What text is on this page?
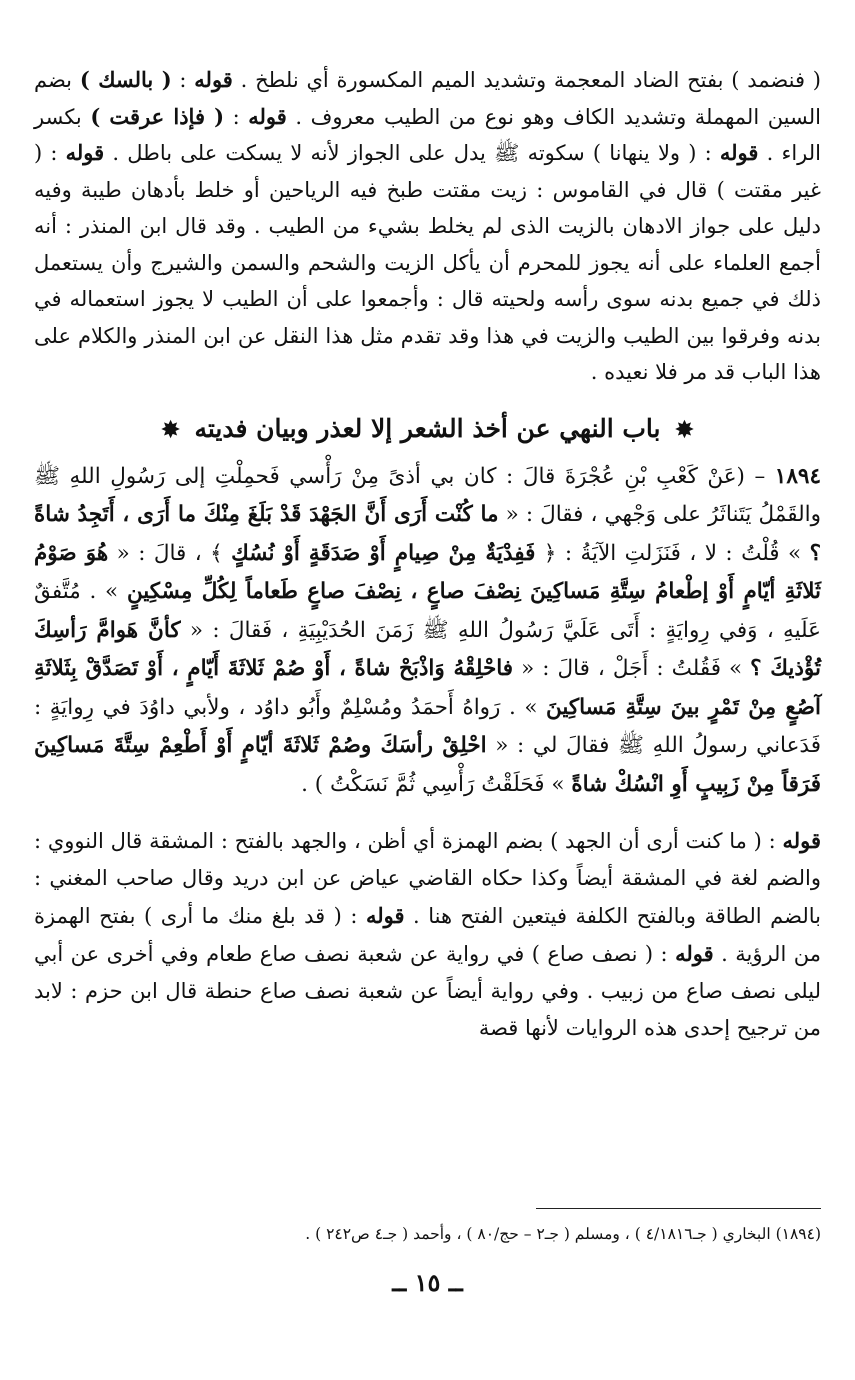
( فنضمد ) بفتح الضاد المعجمة وتشديد الميم المكسورة أي نلطخ . قوله : ( بالسك ) بضم السين المهملة وتشديد الكاف وهو نوع من الطيب معروف . قوله : ( فإذا عرقت ) بكسر الراء . قوله : ( ولا ينهانا ) سكوته ﷺ يدل على الجواز لأنه لا يسكت على باطل . قوله : ( غير مقتت ) قال في القاموس : زيت مقتت طبخ فيه الرياحين أو خلط بأدهان طيبة وفيه دليل على جواز الادهان بالزيت الذى لم يخلط بشيء من الطيب . وقد قال ابن المنذر : أنه أجمع العلماء على أنه يجوز للمحرم أن يأكل الزيت والشحم والسمن والشيرج وأن يستعمل ذلك في جميع بدنه سوى رأسه ولحيته قال : وأجمعوا على أن الطيب لا يجوز استعماله في بدنه وفرقوا بين الطيب والزيت في هذا وقد تقدم مثل هذا النقل عن ابن المنذر والكلام على هذا الباب قد مر فلا نعيده .

✸ باب النهي عن أخذ الشعر إلا لعذر وبيان فديته ✸

١٨٩٤ – (عَنْ كَعْبِ بْنِ عُجْرَةَ قالَ : كان بي أذىً مِنْ رَأْسي فَحمِلْتِ إلى رَسُولِ اللهِ ﷺ والقَمْلُ يَتَناثَرُ على وَجْهي ، فقالَ : « ما كُنْت أَرَى أَنَّ الجَهْدَ قَدْ بَلَغَ مِنْكَ ما أَرَى ، أَتَجِدُ شاةً ؟ » قُلْتُ : لا ، فَنَزَلتِ الآيَةُ : ﴿ فَفِدْيَةٌ مِنْ صِيامٍ أَوْ صَدَقَةٍ أَوْ نُسُكٍ ﴾ ، قالَ : « هُوَ صَوْمُ ثَلاثَةِ أيّامٍ أَوْ إطْعامُ سِتَّةِ مَساكِينَ نِصْفَ صاعٍ ، نِصْفَ صاعٍ طَعاماً لِكُلِّ مِسْكِينٍ » . مُتَّفقٌ عَلَيهِ ، وَفي رِوايَةٍ : أَتَى عَلَيَّ رَسُولُ اللهِ ﷺ زَمَنَ الحُدَيْبِيَةِ ، فَقالَ : « كأنَّ هَوامَّ رَأسِكَ تُؤْذيكَ ؟ » فَقُلتُ : أَجَلْ ، قالَ : « فاحْلِقْهُ وَاذْبَحْ شاةً ، أَوْ صُمْ ثَلاثَةَ أَيّامٍ ، أَوْ تَصَدَّقْ بِثَلاثَةِ آصُعٍ مِنْ تَمْرٍ بينَ سِتَّةِ مَساكِينَ » . رَواهُ أَحمَدُ ومُسْلِمٌ وأَبُو داوُد ، ولأبي داوُدَ في رِوايَةٍ : فَدَعاني رسولُ اللهِ ﷺ فقالَ لي : « احْلِقْ رأسَكَ وصُمْ ثَلاثَةَ أيّامٍ أَوْ أَطْعِمْ سِتَّةَ مَساكِينَ فَرَقاً مِنْ زَبِيبٍ أَوِ انْسُكْ شاةً » فَحَلَقْتُ رَأْسِي ثُمَّ نَسَكْتُ ) .

قوله : ( ما كنت أرى أن الجهد ) بضم الهمزة أي أظن ، والجهد بالفتح : المشقة قال النووي : والضم لغة في المشقة أيضاً وكذا حكاه القاضي عياض عن ابن دريد وقال صاحب المغني : بالضم الطاقة وبالفتح الكلفة فيتعين الفتح هنا . قوله : ( قد بلغ منك ما أرى ) بفتح الهمزة من الرؤية . قوله : ( نصف صاع ) في رواية عن شعبة نصف صاع طعام وفي أخرى عن أبي ليلى نصف صاع من زبيب . وفي رواية أيضاً عن شعبة نصف صاع حنطة قال ابن حزم : لابد من ترجيح إحدى هذه الروايات لأنها قصة

(١٨٩٤) البخاري ( جـ٤/١٨١٦ ) ، ومسلم ( جـ٢ – حج/٨٠ ) ، وأحمد ( جـ٤ ص٢٤٢ ) .
ــ ١٥ ــ
